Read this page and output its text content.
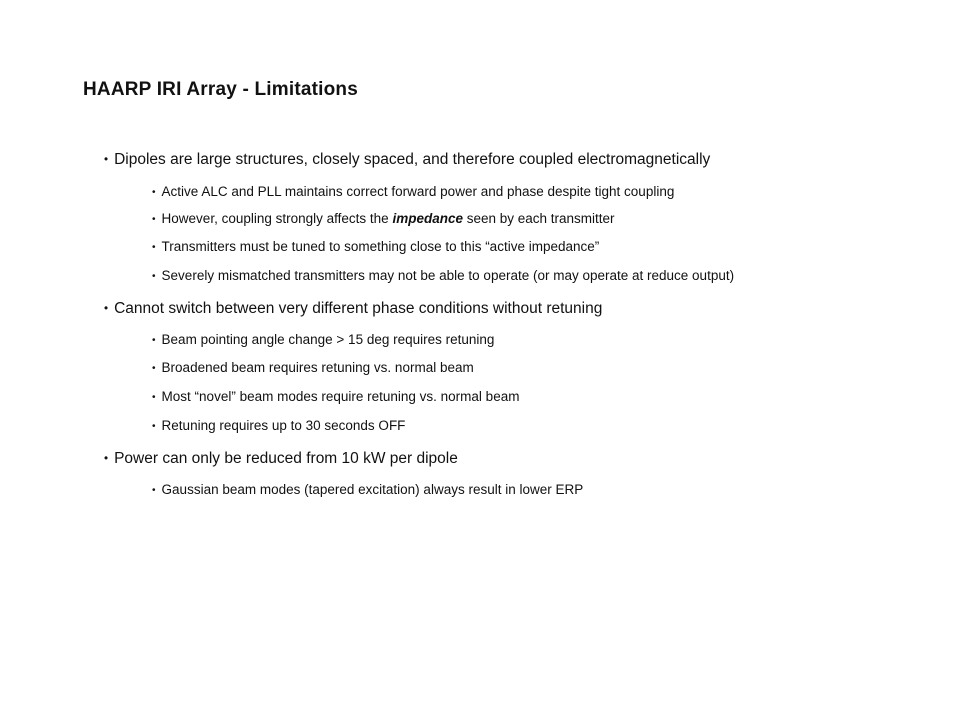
HAARP IRI Array - Limitations
• Dipoles are large structures, closely spaced, and therefore coupled electromagnetically
• Active ALC and PLL maintains correct forward power and phase despite tight coupling
• However, coupling strongly affects the impedance seen by each transmitter
• Transmitters must be tuned to something close to this “active impedance”
• Severely mismatched transmitters may not be able to operate (or may operate at reduce output)
• Cannot switch between very different phase conditions without retuning
• Beam pointing angle change > 15 deg requires retuning
• Broadened beam requires retuning vs. normal beam
• Most “novel” beam modes require retuning vs. normal beam
• Retuning requires up to 30 seconds OFF
• Power can only be reduced from 10 kW per dipole
• Gaussian beam modes (tapered excitation) always result in lower ERP
